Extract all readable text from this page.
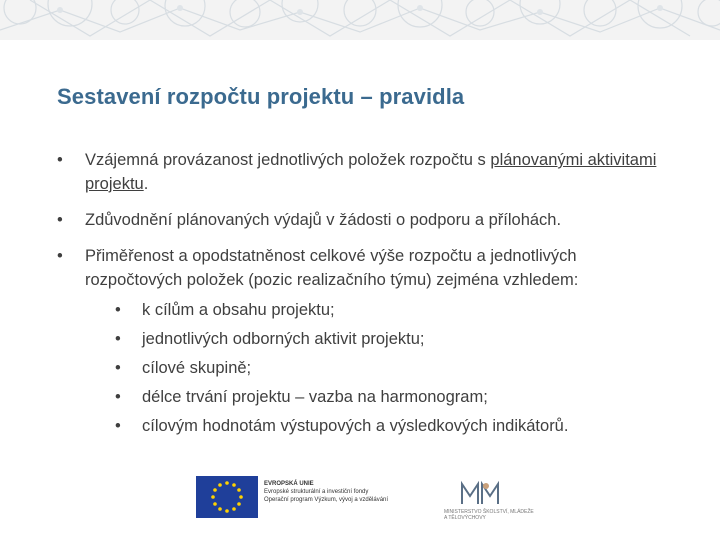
Sestavení rozpočtu projektu – pravidla
• Vzájemná provázanost jednotlivých položek rozpočtu s plánovanými aktivitami projektu.
• Zdůvodnění plánovaných výdajů v žádosti o podporu a přílohách.
• Přiměřenost a opodstatněnost celkové výše rozpočtu a jednotlivých rozpočtových položek (pozic realizačního týmu) zejména vzhledem:
• k cílům a obsahu projektu;
• jednotlivých odborných aktivit projektu;
• cílové skupině;
• délce trvání projektu – vazba na harmonogram;
• cílovým hodnotám výstupových a výsledkových indikátorů.
EVROPSKÁ UNIE
Evropské strukturální a investiční fondy
Operační program Výzkum, vývoj a vzdělávání
MINISTERSTVO ŠKOLSTVÍ, MLÁDEŽE A TĚLOVÝCHOVY
